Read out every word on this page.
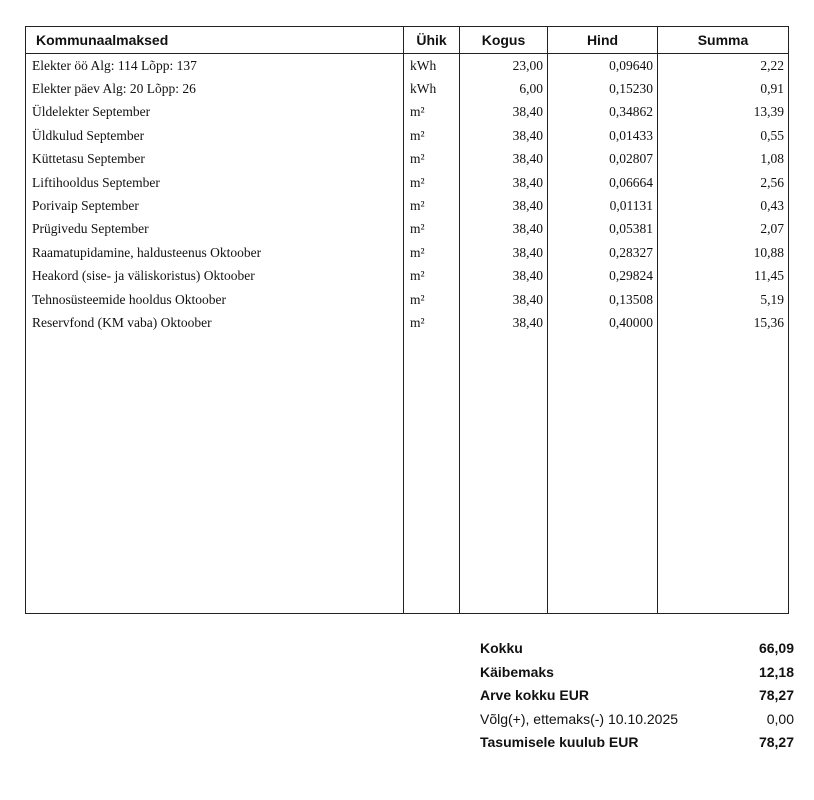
Kommunaalmaksed	Ühik	Kogus	Hind	Summa
Elekter öö Alg: 114 Lõpp: 137	kWh	23,00	0,09640	2,22
Elekter päev Alg: 20 Lõpp: 26	kWh	6,00	0,15230	0,91
Üldelekter September	m²	38,40	0,34862	13,39
Üldkulud September	m²	38,40	0,01433	0,55
Küttetasu September	m²	38,40	0,02807	1,08
Liftihooldus September	m²	38,40	0,06664	2,56
Porivaip September	m²	38,40	0,01131	0,43
Prügivedu September	m²	38,40	0,05381	2,07
Raamatupidamine, haldusteenus Oktoober	m²	38,40	0,28327	10,88
Heakord (sise- ja väliskoristus) Oktoober	m²	38,40	0,29824	11,45
Tehnosüsteemide hooldus Oktoober	m²	38,40	0,13508	5,19
Reservfond (KM vaba) Oktoober	m²	38,40	0,40000	15,36

Kokku	66,09
Käibemaks	12,18
Arve kokku EUR	78,27
Võlg(+), ettemaks(-) 10.10.2025	0,00
Tasumisele kuulub EUR	78,27
